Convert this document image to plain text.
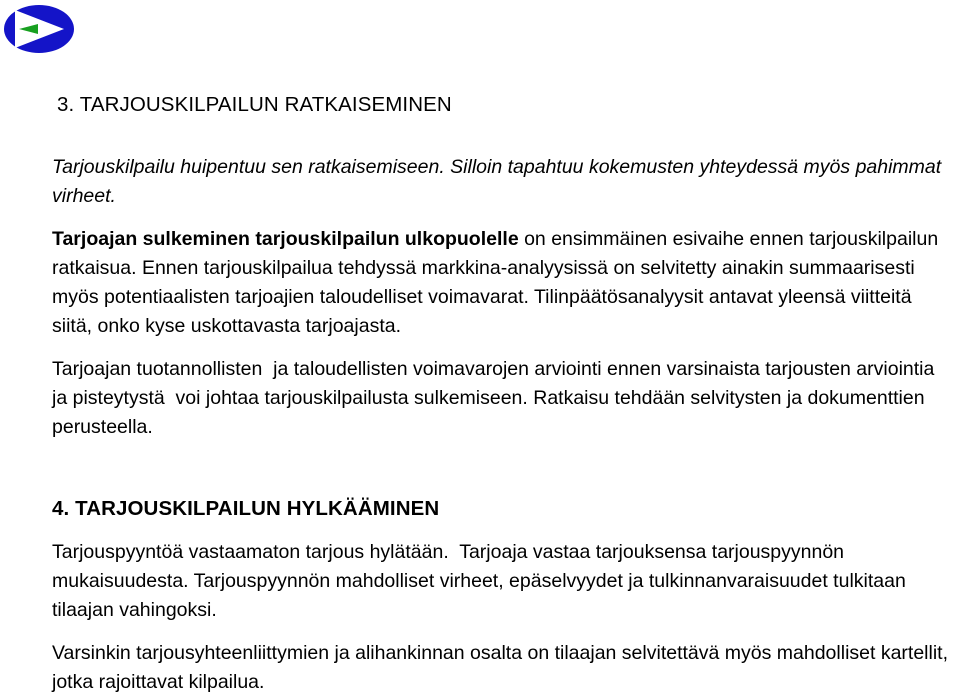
3. TARJOUSKILPAILUN RATKAISEMINEN

Tarjouskilpailu huipentuu sen ratkaisemiseen. Silloin tapahtuu kokemusten yhteydessä myös pahimmat virheet.

Tarjoajan sulkeminen tarjouskilpailun ulkopuolelle on ensimmäinen esivaihe ennen tarjouskilpailun ratkaisua. Ennen tarjouskilpailua tehdyssä markkina-analyysissä on selvitetty ainakin summaarisesti myös potentiaalisten tarjoajien taloudelliset voimavarat. Tilinpäätösanalyysit antavat yleensä viitteitä siitä, onko kyse uskottavasta tarjoajasta.

Tarjoajan tuotannollisten  ja taloudellisten voimavarojen arviointi ennen varsinaista tarjousten arviointia ja pisteytystä  voi johtaa tarjouskilpailusta sulkemiseen. Ratkaisu tehdään selvitysten ja dokumenttien perusteella.

4. TARJOUSKILPAILUN HYLKÄÄMINEN

Tarjouspyyntöä vastaamaton tarjous hylätään.  Tarjoaja vastaa tarjouksensa tarjouspyynnön mukaisuudesta. Tarjouspyynnön mahdolliset virheet, epäselvyydet ja tulkinnanvaraisuudet tulkitaan tilaajan vahingoksi.

Varsinkin tarjousyhteenliittymien ja alihankinnan osalta on tilaajan selvitettävä myös mahdolliset kartellit, jotka rajoittavat kilpailua.
